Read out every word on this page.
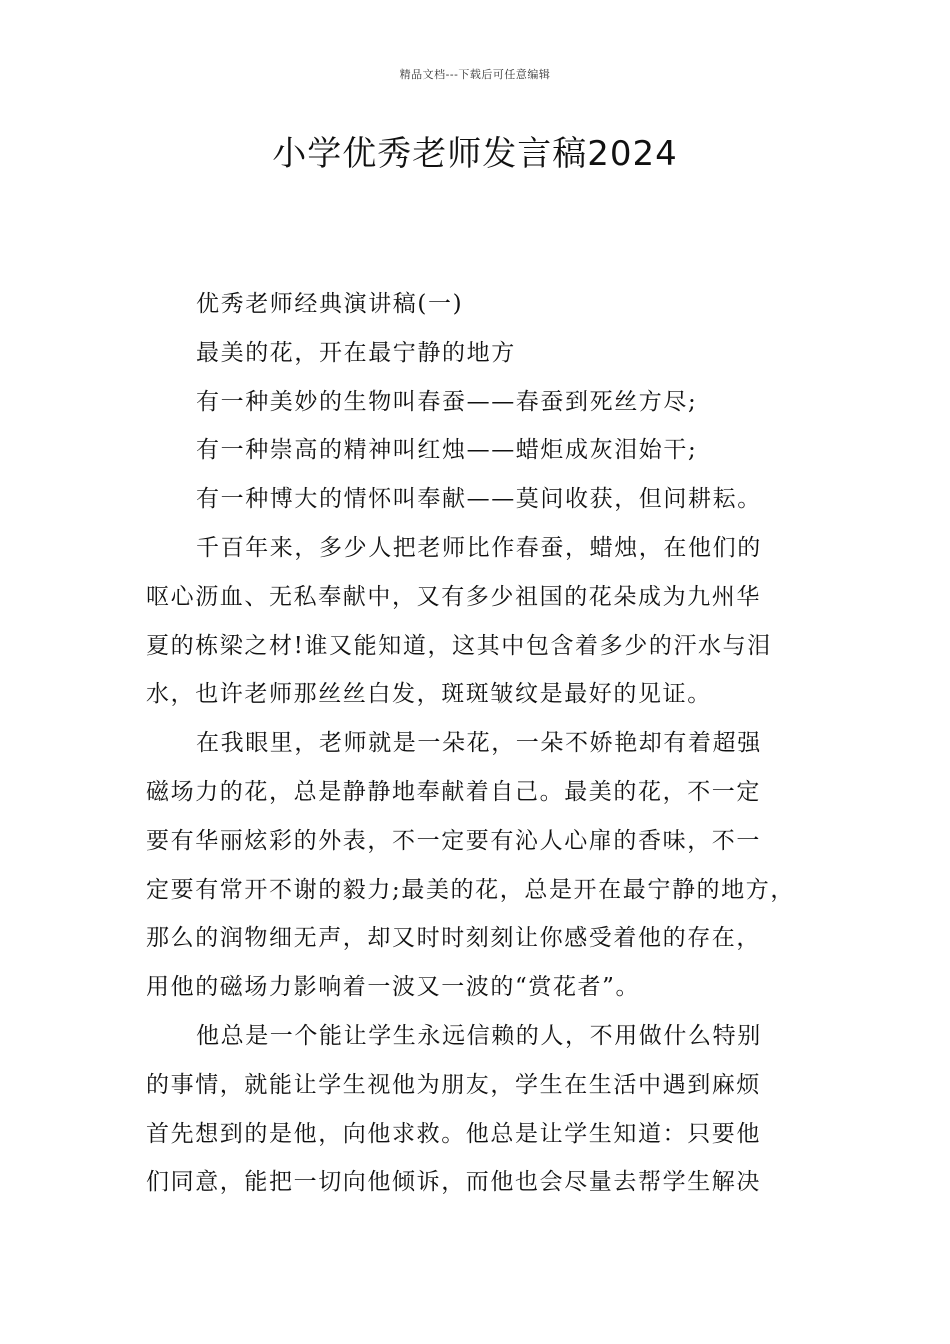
精品文档---下载后可任意编辑
小学优秀老师发言稿2024
优秀老师经典演讲稿(一)
最美的花，开在最宁静的地方
有一种美妙的生物叫春蚕——春蚕到死丝方尽;
有一种崇高的精神叫红烛——蜡炬成灰泪始干;
有一种博大的情怀叫奉献——莫问收获，但问耕耘。
千百年来，多少人把老师比作春蚕，蜡烛，在他们的
呕心沥血、无私奉献中，又有多少祖国的花朵成为九州华
夏的栋梁之材!谁又能知道，这其中包含着多少的汗水与泪
水，也许老师那丝丝白发，斑斑皱纹是最好的见证。
在我眼里，老师就是一朵花，一朵不娇艳却有着超强
磁场力的花，总是静静地奉献着自己。最美的花，不一定
要有华丽炫彩的外表，不一定要有沁人心扉的香味，不一
定要有常开不谢的毅力;最美的花，总是开在最宁静的地方，
那么的润物细无声，却又时时刻刻让你感受着他的存在，
用他的磁场力影响着一波又一波的“赏花者”。
他总是一个能让学生永远信赖的人，不用做什么特别
的事情，就能让学生视他为朋友，学生在生活中遇到麻烦
首先想到的是他，向他求救。他总是让学生知道：只要他
们同意，能把一切向他倾诉，而他也会尽量去帮学生解决
